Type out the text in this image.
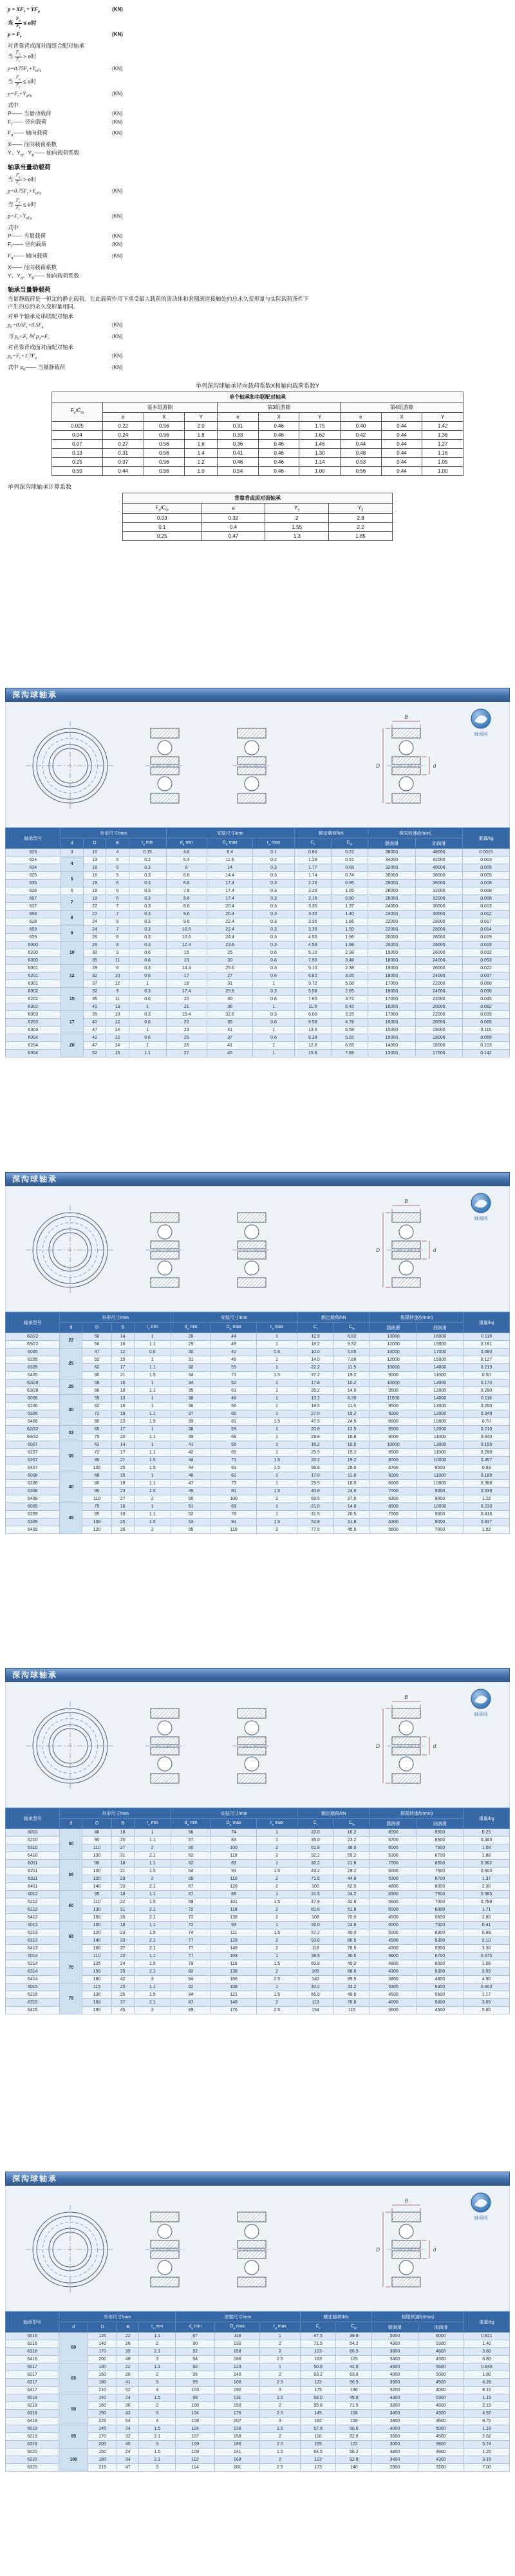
$p = XF_r + YF_a$	(KN)
当 $\frac{F_a}{F_r} \le e$时
$p = F_r$	(KN)
对背靠背或面对面组合配对轴承
当 $\frac{F_a}{F_r} > e$时
$p=0.75F_r+Y_{aFa}$	(KN)
当 $\frac{F_a}{F_r} \le e$时
$p=F_r+Y_{aFa}$	(KN)
式中
P—— 当量动载荷	(KN)
$F_r——$ 径向载荷	(KN)
$F_a——$ 轴向载荷	(KN)
X—— 径向载荷系数
Y、$Y_a$、$Y_b——$ 轴向载荷系数
轴承当量动载荷
当 $\frac{F_a}{F_r} > e$时
$p=0.75F_r+Y_{aFa}$	(KN)
当 $\frac{F_a}{F_r} \le e$时
$p=F_r+Y_{aFa}$	(KN)
式中
P—— 当量载荷	(KN)
$F_r——$ 径向载荷	(KN)
$F_a——$ 轴向载荷	(KN)
X—— 径向载荷系数
Y、$Y_a$、$Y_b——$ 轴向载荷系数
轴承当量静载荷
当量静载荷是一恒定的静止载荷。在此载荷作用下承受最大载荷的滚动体和套圈滚道接触处的总永久变形量与实际载荷条件下产生的总的永久变形量相同。
对单个轴承及串联配对轴承
$p_0=0.6F_r+0.5F_a$	(KN)
当 $p_0<F_r$ 时 $p_0=F_r$	(KN)
对背靠背或面对面配对轴承
$p_0=F_r+1.7F_a$	(KN)
式中 $p_0——$ 当量静载荷	(KN)
单列深沟球轴承径向载荷系数X和轴向载荷系数Y
单个轴承和串联配对轴承									
$F_a/C_{0r}$	基本组游隙			第3组游隙			第4组游隙		
	e	X	Y	e	X	Y	e	X	Y
0.025	0.22	0.56	2.0	0.31	0.46	1.75	0.40	0.44	1.42
0.04	0.24	0.56	1.8	0.33	0.46	1.62	0.42	0.44	1.36
0.07	0.27	0.56	1.6	0.36	0.46	1.46	0.44	0.44	1.27
0.13	0.31	0.56	1.4	0.41	0.46	1.30	0.48	0.44	1.16
0.25	0.37	0.56	1.2	0.46	0.46	1.14	0.53	0.44	1.05
0.50	0.44	0.56	1.0	0.54	0.46	1.00	0.56	0.44	1.00
单列深沟球轴承计算系数
背靠背或面对面轴承			
$F_a/C_{0r}$	e	$Y_1$	$Y_2$
0.03	0.32	2	2.8
0.1	0.4	1.55	2.2
0.25	0.47	1.3	1.85
深沟球轴承
B
D	d
轴承网
轴承型号	外形尺寸/mm				安装尺寸/mm			额定载荷/kN		极限转速/(r/min)		重量/kg
	d	D	B	$r_s$ min	$d_a$ min	$D_a$ max	$r_a$ max	$C_r$	$C_{0r}$	脂润滑	油润滑	
623	3	10	4	0.15	4.6	8.4	0.1	0.60	0.22	38000	48000	0.0015
624	4	13	5	0.2	5.4	11.6	0.2	1.29	0.51	34000	42000	0.003
634		16	5	0.3	6	14	0.3	1.77	0.68	32000	40000	0.005
625	5	16	5	0.3	6.6	14.4	0.3	1.74	0.74	30000	38000	0.005
635		19	6	0.3	6.6	17.4	0.3	2.26	0.95	28000	36000	0.008
626	6	19	6	0.3	7.6	17.4	0.3	2.26	1.05	26000	32000	0.008
607	7	19	6	0.3	8.6	17.4	0.3	2.16	0.90	26000	32000	0.008
627		22	7	0.3	8.6	20.4	0.3	3.35	1.37	24000	30000	0.013
608	8	22	7	0.3	9.6	20.4	0.3	3.35	1.40	24000	30000	0.012
628		24	8	0.3	9.6	22.4	0.3	3.35	1.66	22000	28000	0.017
609	9	24	7	0.3	10.6	22.4	0.3	3.35	1.50	22000	28000	0.014
629		26	8	0.3	10.6	24.4	0.3	4.55	1.96	20000	26000	0.019
6000	10	26	8	0.3	12.4	23.6	0.3	4.58	1.98	20000	28000	0.019
6200		30	9	0.6	15	25	0.6	5.10	2.38	19000	26000	0.032
6300		35	11	0.6	15	30	0.6	7.65	3.48	18000	24000	0.053
6001	12	28	8	0.3	14.4	25.6	0.3	5.10	2.38	19000	26000	0.022
6201		32	10	0.6	17	27	0.6	6.82	3.05	18000	24000	0.037
6301		37	12	1	18	31	1	9.72	5.08	17000	22000	0.060
6002	15	32	9	0.3	17.4	29.6	0.3	5.58	2.85	18000	24000	0.030
6202		35	11	0.6	20	30	0.6	7.65	3.72	17000	22000	0.045
6302		42	13	1	21	36	1	11.5	5.42	16000	20000	0.082
6003	17	35	10	0.3	19.4	32.6	0.3	6.00	3.25	17000	22000	0.039
6203		40	12	0.6	22	35	0.6	9.58	4.78	16000	20000	0.065
6303		47	14	1	23	41	1	13.5	6.58	15000	19000	0.110
6004	20	42	12	0.6	25	37	0.6	9.38	5.02	15000	19000	0.069
6204		47	14	1	26	41	1	12.8	6.65	14000	18000	0.103
6304		52	15	1.1	27	45	1	15.8	7.88	13000	17000	0.142
深沟球轴承
B
D	d
轴承网
轴承型号	外形尺寸/mm				安装尺寸/mm			额定载荷/kN		极限转速/(r/min)		重量/kg
	d	D	B	$r_s$ min	$d_a$ min	$D_a$ max	$r_a$ max	$C_r$	$C_{0r}$	脂润滑	油润滑	
62/22	22	50	14	1	28	44	1	12.9	6.82	13000	16000	0.119
63/22		56	16	1.1	29	49	1	18.2	9.32	12000	15000	0.181
6005	25	47	12	0.6	30	42	0.6	10.0	5.85	13000	17000	0.080
6205		52	15	1	31	46	1	14.0	7.88	12000	15000	0.127
6305		62	17	1.1	32	55	1	22.2	11.5	10000	14000	0.219
6405		80	21	1.5	34	71	1.5	37.2	19.2	9000	11000	0.50
62/28	28	58	16	1	34	52	1	17.8	10.2	10000	13000	0.170
63/28		68	18	1.1	35	61	1	26.2	14.0	9500	12000	0.280
6006	30	55	13	1	36	49	1	13.2	8.30	11000	14000	0.116
6206		62	16	1	36	56	1	19.5	11.5	9500	13000	0.200
6306		72	19	1.1	37	65	1	27.0	15.2	9000	12000	0.349
6406		90	23	1.5	39	81	1.5	47.5	24.5	8000	10000	0.70
62/32	32	65	17	1	38	59	1	20.8	12.5	9500	12000	0.210
63/32		75	20	1.1	39	68	1	29.8	16.8	9000	11000	0.340
6007	35	62	14	1	41	56	1	16.2	10.5	10000	13000	0.155
6207		72	17	1.1	42	65	1	25.5	15.2	8500	11000	0.288
6307		80	21	1.5	44	71	1.5	33.2	19.2	8000	10000	0.457
6407		100	25	1.5	44	91	1.5	56.8	29.5	6700	8500	0.93
6008	40	68	15	1	46	62	1	17.0	11.8	9000	11000	0.185
6208		80	18	1.1	47	73	1	29.5	18.0	8000	10000	0.368
6308		90	23	1.5	49	81	1.5	40.8	24.0	7000	9000	0.639
6408		110	27	2	50	100	2	65.5	37.5	6300	8000	1.22
6009	45	75	16	1	51	69	1	21.0	14.8	8500	10000	0.230
6209		85	19	1.1	52	78	1	31.5	20.5	7000	9000	0.416
6309		100	25	1.5	54	91	1.5	52.8	31.8	6300	8000	0.837
6409		120	29	2	55	110	2	77.5	45.5	5600	7000	1.52
深沟球轴承
B
D	d
轴承网
轴承型号	外形尺寸/mm				安装尺寸/mm			额定载荷/kN		极限转速/(r/min)		重量/kg
	d	D	B	$r_s$ min	$d_a$ min	$D_a$ max	$r_a$ max	$C_r$	$C_{0r}$	脂润滑	油润滑	
6010	50	80	16	1	56	74	1	22.0	16.2	8000	9500	0.25
6210		90	20	1.1	57	83	1	35.0	23.2	6700	8500	0.463
6310		110	27	2	60	100	2	61.8	38.0	6000	7500	1.08
6410		130	31	2.1	62	118	2	92.2	55.2	5300	6700	1.88
6011	55	90	18	1.1	62	83	1	30.2	21.8	7000	8500	0.362
6211		100	21	1.5	64	91	1.5	43.2	29.2	6000	7500	0.603
6311		120	29	2	65	110	2	71.5	44.8	5300	6700	1.37
6411		140	33	2.1	67	128	2	100	62.5	4800	6000	2.30
6012	60	95	18	1.1	67	88	1	31.5	24.2	6300	7500	0.385
6212		110	22	1.5	69	101	1.5	47.8	32.8	5600	7000	0.789
6312		130	31	2.1	72	118	2	81.8	51.8	5000	6000	1.71
6412		150	35	2.1	72	138	2	108	70.0	4500	5600	2.80
6013	65	100	18	1.1	72	93	1	32.0	24.8	6000	7000	0.41
6213		120	23	1.5	74	111	1.5	57.2	40.0	5000	6300	0.99
6313		140	33	2.1	77	128	2	93.8	60.5	4500	5300	2.10
6413		160	37	2.1	77	148	2	118	78.5	4300	5300	3.30
6014	70	110	20	1.1	77	103	1	38.5	30.5	5600	6700	0.575
6214		125	24	1.5	79	116	1.5	60.8	45.0	4800	6000	1.08
6314		150	35	2.1	82	138	2	105	68.0	4300	5300	2.55
6414		180	42	3	84	166	2.5	140	99.5	3800	4800	4.90
6015	75	115	20	1.1	82	108	1	40.2	33.2	5300	6300	0.603
6215		130	25	1.5	84	121	1.5	66.0	49.5	4500	5600	1.17
6315		160	37	2.1	87	148	2	113	76.8	4000	5000	3.05
6415		190	45	3	89	176	2.5	154	115	3600	4500	5.80
深沟球轴承
B
D	d
轴承网
轴承型号	外形尺寸/mm				安装尺寸/mm			额定载荷/kN		极限转速/(r/min)		重量/kg
	d	D	B	$r_s$ min	$d_a$ min	$D_a$ max	$r_a$ max	$C_r$	$C_{0r}$	脂润滑	油润滑	
6016	80	125	22	1.1	87	118	1	47.5	39.8	5000	6000	0.821
6216		140	26	2	90	130	2	71.5	54.2	4300	5300	1.40
6316		170	39	2.1	92	158	2	123	86.5	3800	4800	3.60
6416		200	48	3	94	186	2.5	163	125	3400	4300	6.85
6017	85	130	22	1.1	92	123	1	50.8	42.8	4500	5600	0.848
6217		150	28	2	95	140	2	83.2	63.8	4000	5000	1.80
6317		180	41	3	99	166	2.5	132	96.5	3600	4500	4.28
6417		210	52	4	103	192	3	175	138	3200	4000	8.10
6018	90	140	24	1.5	99	131	1.5	58.0	49.8	4300	5300	1.15
6218		160	30	2	100	150	2	95.8	71.5	3800	4800	2.15
6318		190	43	3	104	176	2.5	145	108	3400	4300	4.97
6418		225	54	4	108	207	3	192	158	2800	3600	9.70
6019	95	145	24	1.5	104	136	1.5	57.8	50.0	4000	5000	1.19
6219		170	32	2.1	107	158	2	110	82.8	3600	4500	2.62
6319		200	45	3	109	186	2.5	155	122	3000	3800	5.74
6020	100	150	24	1.5	109	141	1.5	64.5	56.2	3800	4800	1.25
6220		180	34	2.1	112	168	2	122	92.8	3400	4300	3.19
6320		215	47	3	114	201	2.5	173	140	2600	3200	7.00
